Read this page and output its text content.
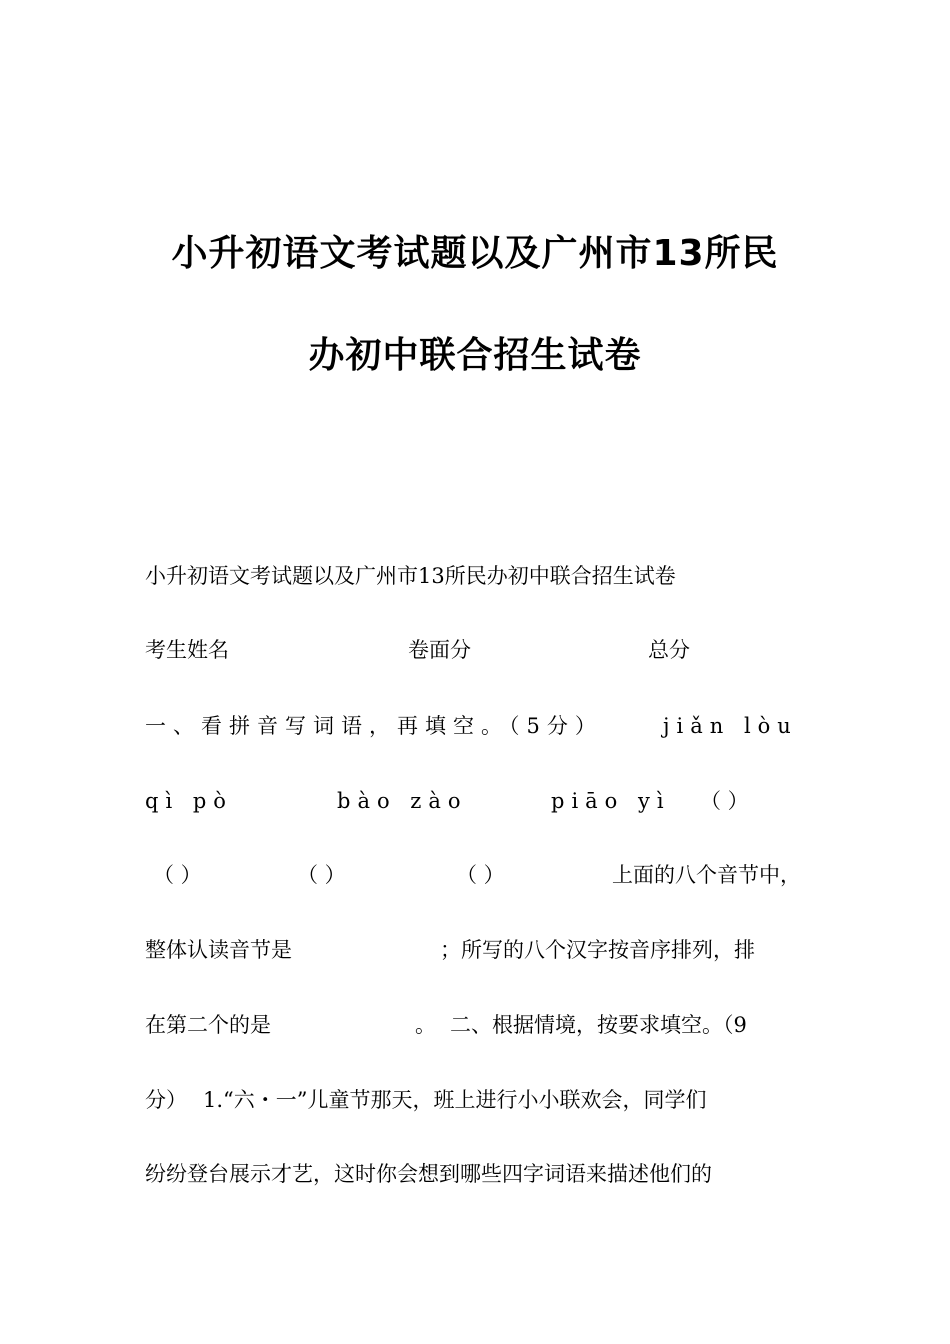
小升初语文考试题以及广州市13所民
办初中联合招生试卷
小升初语文考试题以及广州市13所民办初中联合招生试卷
考生姓名	卷面分	总分
一、看拼音写词语，再填空。（5分）	jiǎn lòu
qì pò	bào zào	piāo yì （ ）
（ ）	（ ）	（ ）	上面的八个音节中，
整体认读音节是	；所写的八个汉字按音序排列，排
在第二个的是	。 二、根据情境，按要求填空。（9
分） 1.“六・一”儿童节那天，班上进行小小联欢会，同学们
纷纷登台展示才艺，这时你会想到哪些四字词语来描述他们的
